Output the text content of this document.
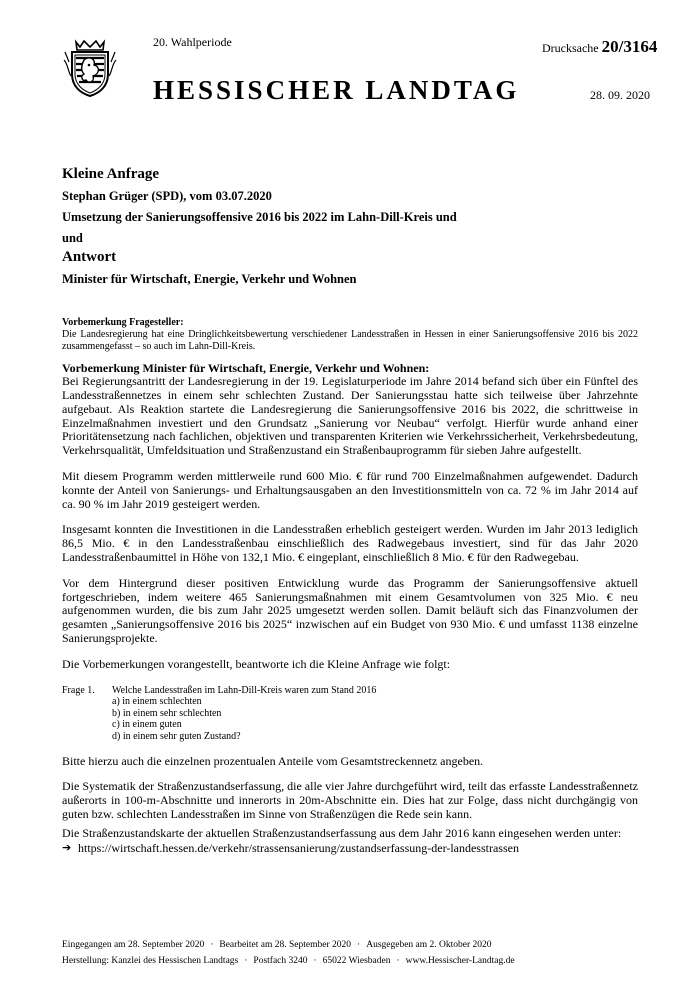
20. Wahlperiode	Drucksache 20/3164
HESSISCHER LANDTAG	28. 09. 2020
Kleine Anfrage
Stephan Grüger (SPD), vom 03.07.2020
Umsetzung der Sanierungsoffensive 2016 bis 2022 im Lahn-Dill-Kreis und
und
Antwort
Minister für Wirtschaft, Energie, Verkehr und Wohnen
Vorbemerkung Fragesteller:

Die Landesregierung hat eine Dringlichkeitsbewertung verschiedener Landesstraßen in Hessen in einer Sanierungsoffensive 2016 bis 2022 zusammengefasst – so auch im Lahn-Dill-Kreis.

Vorbemerkung Minister für Wirtschaft, Energie, Verkehr und Wohnen:

Bei Regierungsantritt der Landesregierung in der 19. Legislaturperiode im Jahre 2014 befand sich über ein Fünftel des Landesstraßennetzes in einem sehr schlechten Zustand. Der Sanierungsstau hatte sich teilweise über Jahrzehnte aufgebaut. Als Reaktion startete die Landesregierung die Sanierungsoffensive 2016 bis 2022, die schrittweise in Einzelmaßnahmen investiert und den Grundsatz „Sanierung vor Neubau“ verfolgt. Hierfür wurde anhand einer Prioritätensetzung nach fachlichen, objektiven und transparenten Kriterien wie Verkehrssicherheit, Verkehrsbedeutung, Verkehrsqualität, Umfeldsituation und Straßenzustand ein Straßenbauprogramm für sieben Jahre aufgestellt.

Mit diesem Programm werden mittlerweile rund 600 Mio. € für rund 700 Einzelmaßnahmen aufgewendet. Dadurch konnte der Anteil von Sanierungs- und Erhaltungsausgaben an den Investitionsmitteln von ca. 72 % im Jahr 2014 auf ca. 90 % im Jahr 2019 gesteigert werden.

Insgesamt konnten die Investitionen in die Landesstraßen erheblich gesteigert werden. Wurden im Jahr 2013 lediglich 86,5 Mio. € in den Landesstraßenbau einschließlich des Radwegebaus investiert, sind für das Jahr 2020 Landesstraßenbaumittel in Höhe von 132,1 Mio. € eingeplant, einschließlich 8 Mio. € für den Radwegebau.

Vor dem Hintergrund dieser positiven Entwicklung wurde das Programm der Sanierungsoffensive aktuell fortgeschrieben, indem weitere 465 Sanierungsmaßnahmen mit einem Gesamtvolumen von 325 Mio. € neu aufgenommen wurden, die bis zum Jahr 2025 umgesetzt werden sollen. Damit beläuft sich das Finanzvolumen der gesamten „Sanierungsoffensive 2016 bis 2025“ inzwischen auf ein Budget von 930 Mio. € und umfasst 1138 einzelne Sanierungsprojekte.

Die Vorbemerkungen vorangestellt, beantworte ich die Kleine Anfrage wie folgt:

Frage 1.	Welche Landesstraßen im Lahn-Dill-Kreis waren zum Stand 2016
a) in einem schlechten
b) in einem sehr schlechten
c) in einem guten
d) in einem sehr guten Zustand?

Bitte hierzu auch die einzelnen prozentualen Anteile vom Gesamtstreckennetz angeben.

Die Systematik der Straßenzustandserfassung, die alle vier Jahre durchgeführt wird, teilt das erfasste Landesstraßennetz außerorts in 100-m-Abschnitte und innerorts in 20m-Abschnitte ein. Dies hat zur Folge, dass nicht durchgängig von guten bzw. schlechten Landesstraßen im Sinne von Straßenzügen die Rede sein kann.

Die Straßenzustandskarte der aktuellen Straßenzustandserfassung aus dem Jahr 2016 kann eingesehen werden unter:

➔ https://wirtschaft.hessen.de/verkehr/strassensanierung/zustandserfassung-der-landesstrassen
Eingegangen am 28. September 2020 · Bearbeitet am 28. September 2020 · Ausgegeben am 2. Oktober 2020
Herstellung: Kanzlei des Hessischen Landtags · Postfach 3240 · 65022 Wiesbaden · www.Hessischer-Landtag.de
